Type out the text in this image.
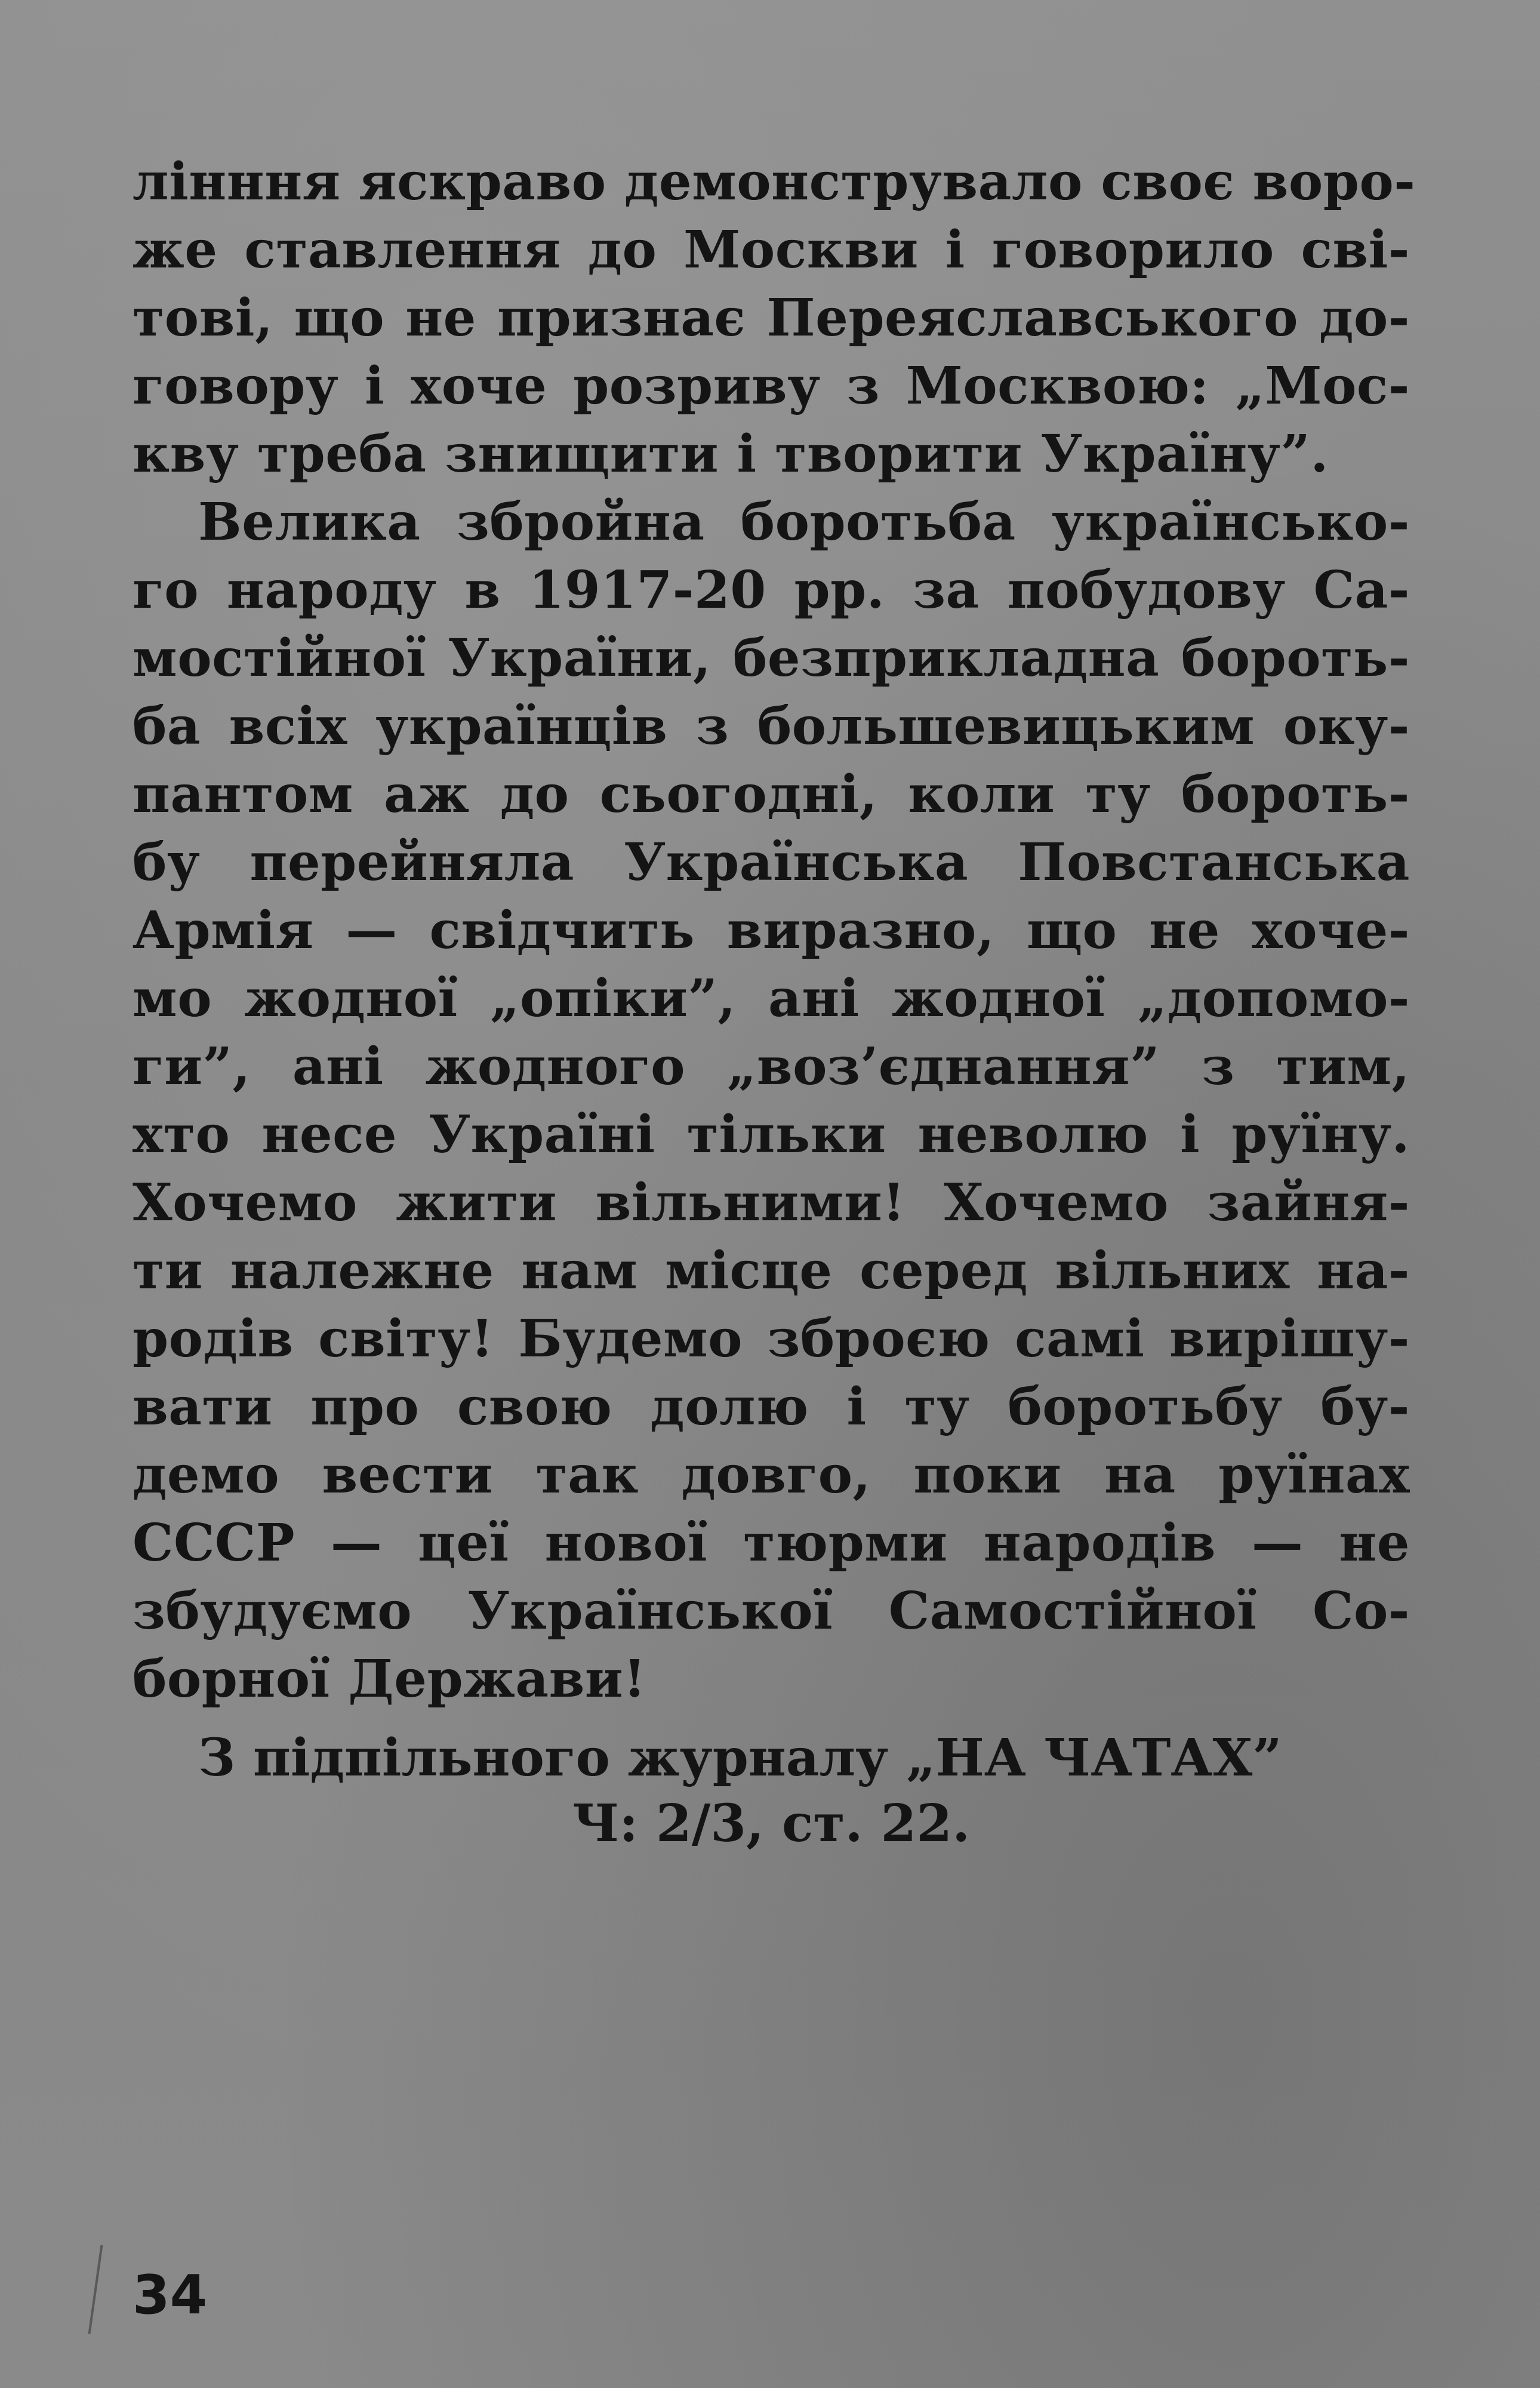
лінння яскраво демонструвало своє воро-
же ставлення до Москви і говорило сві-
тові, що не признає Переяславського до-
говору і хоче розриву з Москвою: „Мос-
кву треба знищити і творити Україну”.
Велика збройна боротьба українсько-
го народу в 1917-20 рр. за побудову Са-
мостійної України, безприкладна бороть-
ба всіх українців з большевицьким оку-
пантом аж до сьогодні, коли ту бороть-
бу перейняла Українська Повстанська
Армія — свідчить виразно, що не хоче-
мо жодної „опіки”, ані жодної „допомо-
ги”, ані жодного „воз’єднання” з тим,
хто несе Україні тільки неволю і руїну.
Хочемо жити вільними! Хочемо зайня-
ти належне нам місце серед вільних на-
родів світу! Будемо зброєю самі вирішу-
вати про свою долю і ту боротьбу бу-
демо вести так довго, поки на руїнах
СССР — цеї нової тюрми народів — не
збудуємо Української Самостійної Со-
борної Держави!
З підпільного журналу „НА ЧАТАХ”
Ч: 2/3, ст. 22.
34
